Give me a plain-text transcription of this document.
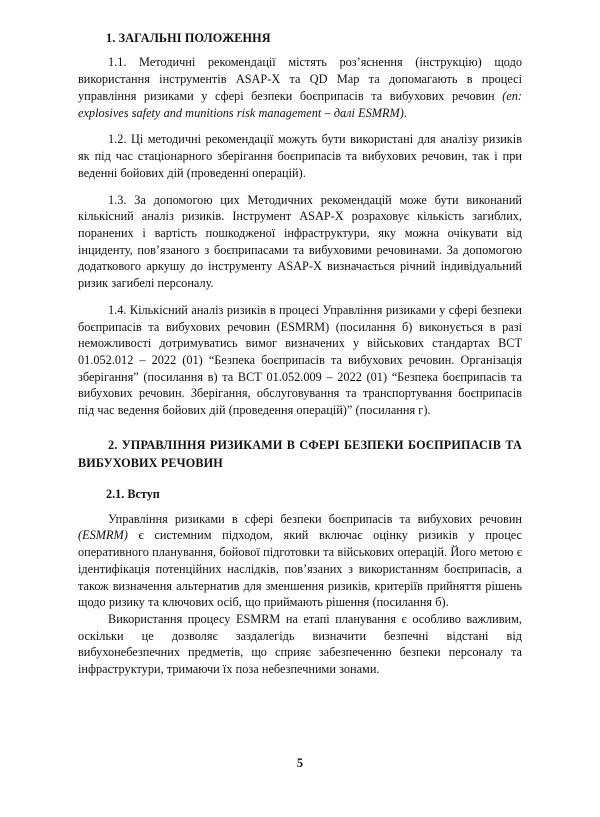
1. ЗАГАЛЬНІ ПОЛОЖЕННЯ

1.1. Методичні рекомендації містять роз’яснення (інструкцію) щодо використання інструментів ASAP-X та QD Map та допомагають в процесі управління ризиками у сфері безпеки боєприпасів та вибухових речовин (en: explosives safety and munitions risk management – далі ESMRM).

1.2. Ці методичні рекомендації можуть бути використані для аналізу ризиків як під час стаціонарного зберігання боєприпасів та вибухових речовин, так і при веденні бойових дій (проведенні операцій).

1.3. За допомогою цих Методичних рекомендацій може бути виконаний кількісний аналіз ризиків. Інструмент ASAP-X розраховує кількість загиблих, поранених і вартість пошкодженої інфраструктури, яку можна очікувати від інциденту, пов’язаного з боєприпасами та вибуховими речовинами. За допомогою додаткового аркушу до інструменту ASAP-X визначається річний індивідуальний ризик загибелі персоналу.

1.4. Кількісний аналіз ризиків в процесі Управління ризиками у сфері безпеки боєприпасів та вибухових речовин (ESMRM) (посилання б) виконується в разі неможливості дотримуватись вимог визначених у військових стандартах ВСТ 01.052.012 – 2022 (01) “Безпека боєприпасів та вибухових речовин. Організація зберігання” (посилання в) та ВСТ 01.052.009 – 2022 (01) “Безпека боєприпасів та вибухових речовин. Зберігання, обслуговування та транспортування боєприпасів під час ведення бойових дій (проведення операцій)” (посилання г).

2. УПРАВЛІННЯ РИЗИКАМИ В СФЕРІ БЕЗПЕКИ БОЄПРИПАСІВ ТА ВИБУХОВИХ РЕЧОВИН
2.1. Вступ

Управління ризиками в сфері безпеки боєприпасів та вибухових речовин (ESMRM) є системним підходом, який включає оцінку ризиків у процес оперативного планування, бойової підготовки та військових операцій. Його метою є ідентифікація потенційних наслідків, пов’язаних з використанням боєприпасів, а також визначення альтернатив для зменшення ризиків, критеріїв прийняття рішень щодо ризику та ключових осіб, що приймають рішення (посилання б).

Використання процесу ESMRM на етапі планування є особливо важливим, оскільки це дозволяє заздалегідь визначити безпечні відстані від вибухонебезпечних предметів, що сприяє забезпеченню безпеки персоналу та інфраструктури, тримаючи їх поза небезпечними зонами.

5
